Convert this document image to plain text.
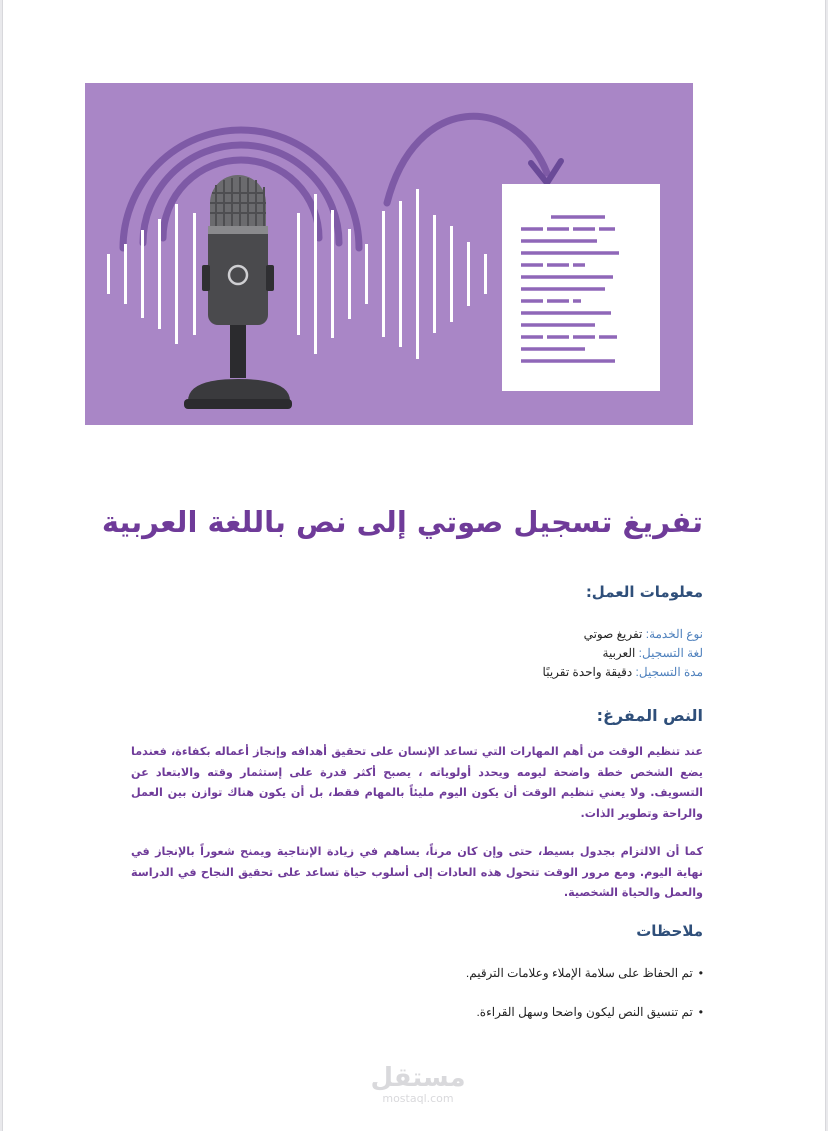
تفريغ تسجيل صوتي إلى نص باللغة العربية
معلومات العمل:
نوع الخدمة: تفريغ صوتي
لغة التسجيل: العربية
مدة التسجيل: دقيقة واحدة تقريبًا
النص المفرغ:

عند تنظيم الوقت من أهم المهارات التي تساعد الإنسان على تحقيق أهدافه وإنجاز أعماله بكفاءة، فعندما يضع الشخص خطة واضحة ليومه ويحدد أولوياته ، يصبح أكثر قدرة على إستثمار وقته والابتعاد عن التسويف. ولا يعني تنظيم الوقت أن يكون اليوم مليئاً بالمهام فقط، بل أن يكون هناك توازن بين العمل والراحة وتطوير الذات.

كما أن الالتزام بجدول بسيط، حتى وإن كان مرناً، يساهم في زيادة الإنتاجية ويمنح شعوراً بالإنجاز في نهاية اليوم. ومع مرور الوقت تتحول هذه العادات إلى أسلوب حياة تساعد على تحقيق النجاح في الدراسة والعمل والحياة الشخصية.

ملاحظات
•تم الحفاظ على سلامة الإملاء وعلامات الترقيم.
•تم تنسيق النص ليكون واضحا وسهل القراءة.
مستقل
mostaql.com
